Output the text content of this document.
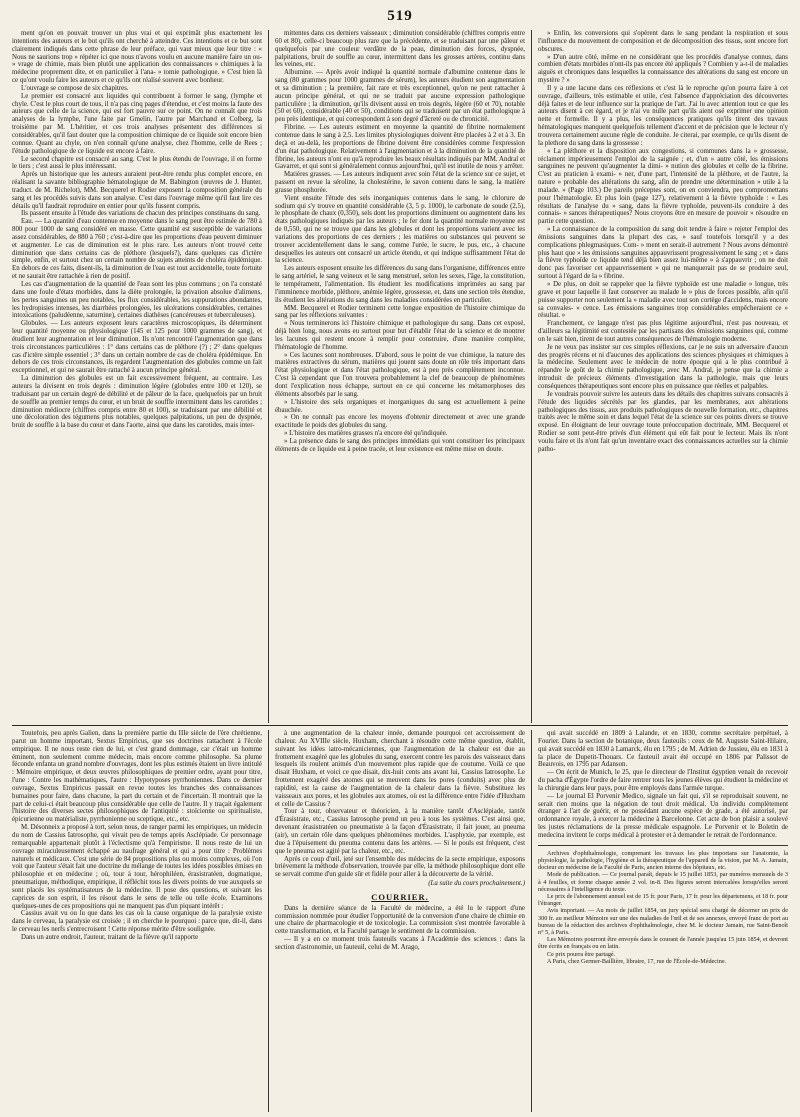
519

ment qu'on en pouvait trouver un plus vrai et qui exprimât plus exactement les intentions des auteurs et le but qu'ils ont cherché à atteindre. Ces intentions et ce but sont clairement indiqués dans cette phrase de leur préface, qui vaut mieux que leur titre : « Nous ne saurions trop » répéter ici que nous n'avons voulu en aucune manière faire un ou- » vrage de chimie, mais bien plutôt une application des connaissances » chimiques à la médecine proprement dite, et en particulier à l'ana- » tomie pathologique. » C'est bien là ce qu'ont voulu faire les auteurs et ce qu'ils ont réalisé souvent avec bonheur.

L'ouvrage se compose de six chapitres.

Le premier est consacré aux liquides qui contribuent à former le sang, (lymphe et chyle. C'est le plus court de tous, il n'a pas cinq pages d'étendue, et c'est moins la faute des auteurs que celle de la science, qui est fort pauvre sur ce point. On ne connaît que trois analyses de la lymphe, l'une faite par Gmelin, l'autre par Marchand et Colberg, la troisième par M. L'héritier, et ces trois analyses présentent des différences si considérables, qu'il faut douter que la composition chimique de ce liquide soit encore bien connue. Quant au chyle, on n'en connaît qu'une analyse, chez l'homme, celle de Rees ; l'étude pathologique de ce liquide est encore à faire.

Le second chapitre est consacré au sang. C'est le plus étendu de l'ouvrage, il en forme le tiers ; c'est aussi le plus intéressant.

Après un historique que les auteurs auraient peut-être rendu plus complet encore, en réalisant la savante bibliographie hématologique de M. Babington (œuvres de J. Hunter, traduct. de M. Richelot), MM. Becquerel et Rodier exposent la composition générale du sang et les procédés suivis dans son analyse. C'est dans l'ouvrage même qu'il faut lire ces détails qu'il faudrait reproduire en entier pour qu'ils fussent compris.

Ils passent ensuite à l'étude des variations de chacun des principes constituans du sang.

Eau. — La quantité d'eau contenue en moyenne dans le sang peut être estimée de 780 à 800 pour 1000 de sang considéré en masse. Cette quantité est susceptible de variations assez considérables, de 880 à 760 ; c'est-à-dire que les proportions d'eau peuvent diminuer et augmenter. Le cas de diminution est le plus rare. Les auteurs n'ont trouvé cette diminution que dans certains cas de pléthore (lesquels?), dans quelques cas d'ictère simple, enfin, et surtout chez un certain nombre de sujets atteints de choléra épidémique. En dehors de ces faits, disent-ils, la diminution de l'eau est tout accidentelle, toute fortuite et ne saurait être rattachée à rien de positif.

Les cas d'augmentation de la quantité de l'eau sont les plus communs ; on l'a constaté dans une foule d'états morbides, dans la diète prolongée, la privation absolue d'alimens, les pertes sanguines un peu notables, les flux considérables, les suppurations abondantes, les hydropisies intenses, les diarrhées prolongées, les ulcérations considérables, certaines intoxications (paludéenne, saturnine), certaines diathèses (cancéreuses et tuberculeuses).

Globules. — Les auteurs exposent leurs caractères microscopiques, ils déterminent leur quantité moyenne ou physiologique (145 et 125 pour 1000 grammes de sang), et étudient leur augmentation et leur diminution. Ils n'ont rencontré l'augmentation que dans trois circonstances particulières : 1° dans certains cas de pléthore (?) ; 2° dans quelques cas d'ictère simple essentiel ; 3° dans un certain nombre de cas de choléra épidémique. En dehors de ces trois circonstances, ils regardent l'augmentation des globules comme un fait exceptionnel, et qui ne saurait être rattaché à aucun principe général.

La diminution des globules est un fait excessivement fréquent, au contraire. Les auteurs la divisent en trois degrés : diminution légère (globules entre 100 et 120), se traduisant par un certain degré de débilité et de pâleur de la face, quelquefois par un bruit de souffle au premier temps du cœur, et un bruit de souffle intermittent dans les carotides ; diminution médiocre (chiffres compris entre 80 et 100), se traduisant par une débilité et une décoloration des tégumens plus notables, quelques palpitations, un peu de dyspnée, bruit de souffle à la base du cœur et dans l'aorte, ainsi que dans les carotides, mais inter-

mittentes dans ces derniers vaisseaux ; diminution considérable (chiffres compris entre 60 et 80), celle-ci beaucoup plus rare que la précédente, et se traduisant par une pâleur et quelquefois par une couleur verdâtre de la peau, diminution des forces, dyspnée, palpitations, bruit de souffle au cœur, intermittent dans les grosses artères, continu dans les veines, etc.

Albumine. — Après avoir indiqué la quantité normale d'albumine contenue dans le sang (80 grammes pour 1000 grammes de sérum), les auteurs étudient son augmentation et sa diminution ; la première, fait rare et très exceptionnel, qu'on ne peut rattacher à aucun principe général, et qui ne se traduit par aucune expression pathologique particulière ; la diminution, qu'ils divisent aussi en trois degrés, légère (60 et 70), notable (50 et 60), considérable (40 et 50), conditions qui se traduisent par un état pathologique à peu près identique, et qui correspondent à son degré d'âcreté ou de chronicité.

Fibrine. — Les auteurs estiment en moyenne la quantité de fibrine normalement contenue dans le sang à 2,5. Les limites physiologiques doivent être placées à 2 et à 3. En deçà et au-delà, les proportions de fibrine doivent être considérées comme l'expression d'un état pathologique. Relativement à l'augmentation et à la diminution de la quantité de fibrine, les auteurs n'ont eu qu'à reproduire les beaux résultats indiqués par MM. Andral et Gavarret, et qui sont si généralement connus aujourd'hui, qu'il est inutile de nous y arrêter.

Matières grasses. — Les auteurs indiquent avec soin l'état de la science sur ce sujet, et passent en revue la séroline, la cholestérine, le savon contenu dans le sang, la matière grasse phosphorée.

Vient ensuite l'étude des sels inorganiques contenus dans le sang, le chlorure de sodium qui s'y trouve en quantité considérable (3, 5 p. 1000), le carbonate de soude (2,5), le phosphate de chaux (0,350), sels dont les proportions diminuent ou augmentent dans les états pathologiques indiqués par les auteurs ; le fer dont la quantité normale moyenne est de 0,550, qui ne se trouve que dans les globules et dont les proportions varient avec les variations des proportions de ces derniers ; les matières ou substances qui peuvent se trouver accidentellement dans le sang, comme l'urée, le sucre, le pus, etc., à chacune desquelles les auteurs ont consacré un article étendu, et qui indique suffisamment l'état de la science.

Les auteurs exposent ensuite les différences du sang dans l'organisme, différences entre le sang artériel, le sang veineux et le sang menstruel, selon les sexes, l'âge, la constitution, le tempérament, l'alimentation. Ils étudient les modifications imprimées au sang par l'imminence morbide, pléthore, anémie légère, grossesse, et, dans une section très étendue, ils étudient les altérations du sang dans les maladies considérées en particulier.

MM. Becquerel et Rodier terminent cette longue exposition de l'histoire chimique du sang par les réflexions suivantes :

« Nous terminerons ici l'histoire chimique et pathologique du sang. Dans cet exposé, déjà bien long, nous avons eu surtout pour but d'établir l'état de la science et de montrer les lacunes qui restent encore à remplir pour construire, d'une manière complète, l'hématologie de l'homme.

» Ces lacunes sont nombreuses. D'abord, sous le point de vue chimique, la nature des matières extractives du sérum, matières qui jouent sans doute un rôle très important dans l'état physiologique et dans l'état pathologique, est à peu près complètement inconnue. C'est là cependant que l'on trouvera probablement la clef de beaucoup de phénomènes dont l'explication nous échappe, surtout en ce qui concerne les métamorphoses des éléments absorbés par le sang.

» L'histoire des sels organiques et inorganiques du sang est actuellement à peine ébauchée.

» On ne connaît pas encore les moyens d'obtenir directement et avec une grande exactitude le poids des globules du sang.

» L'histoire des matières grasses n'a encore été qu'indiquée.

» La présence dans le sang des principes immédiats qui vont constituer les principaux éléments de ce liquide est à peine tracée, et leur existence est même mise en doute.

» Enfin, les conversions qui s'opèrent dans le sang pendant la respiration et sous l'influence du mouvement de composition et de décomposition des tissus, sont encore fort obscures.

» D'un autre côté, même en ne considérant que les procédés d'analyse connus, dans combien d'états morbides n'ont-ils pas encore été appliqués ? Combien y a-t-il de maladies aiguës et chroniques dans lesquelles la connaissance des altérations du sang est encore un mystère ? »

Il y a une lacune dans ces réflexions et c'est là le reproche qu'on pourra faire à cet ouvrage, d'ailleurs, très estimable et utile, c'est l'absence d'appréciation des découvertes déjà faites et de leur influence sur la pratique de l'art. J'ai lu avec attention tout ce que les auteurs disent à cet égard, et je n'ai vu nulle part qu'ils aient osé exprimer une opinion nette et formelle. Il y a plus, les conséquences pratiques qu'ils tirent des travaux hématologiques manquent quelquefois tellement d'accent et de précision que le lecteur n'y trouvera certainement aucune règle de conduite. Je citerai, par exemple, ce qu'ils disent de la plethore du sang dans la grossesse :

« La pléthore et la disposition aux congestions, si communes dans la » grossesse, réclament impérieusement l'emploi de la saignée ; et, d'un » autre côté, les émissions sanguines ne peuvent qu'augmenter la dimi- » nution des globules et celle de la fibrine. C'est au praticien à exami- » ner, d'une part, l'intensité de la pléthore, et de l'autre, la nature » probable des altérations du sang, afin de prendre une détermination » utile à la malade. » (Page 103.) De pareils préceptes sont, on en conviendra, peu compromettans pour l'hématologie. Et plus loin (page 127), relativement à la fièvre typhoïde : « Les résultats de l'analyse du » sang, dans la fièvre typhoïde, peuvent-ils conduire à des connais- » sances thérapeutiques? Nous croyons être en mesure de pouvoir » résoudre en partie cette question.

» La connaissance de la composition du sang doit tendre à faire » rejeter l'emploi des émissions sanguines dans la plupart des cas, » sauf toutefois lorsqu'il y a des complications phlegmasiques. Com- » ment en serait-il autrement ? Nous avons démontré plus haut que » les émissions sanguines appauvrissent progressivement le sang ; et » dans la fièvre typhoïde ce liquide tend déjà bien assez lui-même » à s'appauvrir ; on ne doit donc pas favoriser cet appauvrissement » qui ne manquerait pas de se produire seul, surtout à l'égard de la » fibrine.

» De plus, on doit se rappeler que la fièvre typhoïde est une maladie » longue, très grave et pour laquelle il faut conserver au malade le » plus de forces possible, afin qu'il puisse supporter non seulement la » maladie avec tout son cortège d'accidens, mais encore sa convales- » cence. Les émissions sanguines trop considérables empêcheraient ce » résultat. »

Franchement, ce langage n'est pas plus légitime aujourd'hui, n'est pas nouveau, et d'ailleurs sa légitimité est contestée par les partisans des émissions sanguines qui, comme on le sait bien, tirent de tout autres conséquences de l'hématologie moderne.

Je ne veux pas insister sur ces simples réflexions, car je ne suis un adversaire d'aucun des progrès récens et ni d'aucunes des applications des sciences physiques et chimiques à la médecine. Seulement avec le médecin de notre époque qui a le plus contribué à répandre le goût de la chimie pathologique, avec M. Andral, je pense que la chimie a introduit de précieux éléments d'investigation dans la pathologie, mais que leurs conséquences thérapeutiques sont encore plus en puissance que réelles et palpables.

Je voudrais pouvoir suivre les auteurs dans les détails des chapitres suivans consacrés à l'étude des liquides sécrétés par les glandes, par les membranes, aux altérations pathologiques des tissus, aux produits pathologiques de nouvelle formation, etc., chapitres traités avec le même soin et dans lequel l'état de la science sur ces points divers se trouve exposé. En éloignant de leur ouvrage toute préoccupation doctrinale, MM. Becquerel et Rodier se sont peut-être privés d'un élément qui eût fait pour le lecteur. Mais ils n'ont voulu faire et ils n'ont fait qu'un inventaire exact des connaissances actuelles sur la chimie patho-

Toutefois, peu après Galien, dans la première partie du IIIe siècle de l'ère chrétienne, parut un homme important, Sextus Empiricus, que ses doctrines rattachent à l'école empirique. Il ne nous reste rien de lui, et c'est grand dommage, car c'était un homme éminent, non seulement comme médecin, mais encore comme philosophe. Sa plume féconde enfanta un grand nombre d'ouvrages, dont les plus estimés étaient un livre intitulé : Mémoire empirique, et deux œuvres philosophiques de premier ordre, ayant pour titre, l'une : Contre les mathématiques, l'autre : Hypotyposes pyrrhoniennes. Dans ce dernier ouvrage, Sextus Empiricus passait en revue toutes les branches des connaissances humaines pour faire, dans chacune, la part du certain et de l'incertain. Il montrait que la part de celui-ci était beaucoup plus considérable que celle de l'autre. Il y traçait également l'histoire des diverses sectes philosophiques de l'antiquité : stoïcienne ou spiritualiste, épicurienne ou matérialiste, pyrrhonienne ou sceptique, etc., etc.

M. Désonneix a proposé à tort, selon nous, de ranger parmi les empiriques, un médecin du nom de Cassius Iatrosophe, qui vivait peu de temps après Asclépiade. Ce personnage remarquable appartenait plutôt à l'éclectisme qu'à l'empirisme. Il nous reste de lui un ouvrage miraculeusement échappé au naufrage général et qui a pour titre : Problèmes naturels et médicaux. C'est une série de 84 propositions plus ou moins complexes, où l'on voit que l'auteur s'était fait une doctrine du mélange de toutes les idées possibles émises en philosophie et en médecine ; où, tour à tour, hérophiléen, érasistratéen, dogmatique, pneumatique, méthodique, empirique, il réfléchit tous les divers points de vue auxquels se sont placés les systématisateurs de la médecine. Il pose des questions, et suivant les caprices de son esprit, il les résout dans le sens de telle ou telle école. Examinons quelques-unes de ces propositions qui ne manquent pas d'un piquant intérêt :

Cassius avait vu ou lu que dans les cas où la cause organique de la paralysie existe dans le cerveau, la paralysie est croisée ; il en cherche le pourquoi : parce que, dit-il, dans le cerveau les nerfs s'entrecroisent ! Cette réponse mérite d'être soulignée.

Dans un autre endroit, l'auteur, traitant de la fièvre qu'il rapporte

à une augmentation de la chaleur innée, demande pourquoi cet accroissement de chaleur. Au XVIIIe siècle, Huxham, cherchant à résoudre cette même question, établit, suivant les idées iatro-mécaniciennes, que l'augmentation de la chaleur est due au frottement exagéré que les globules du sang, exercent contre les parois des vaisseaux dans lesquels ils roulent animés d'un mouvement plus rapide que de coutume. Voilà ce que disait Huxham, et voici ce que disait, dix-huit cents ans avant lui, Cassius Iatrosophe. Le frottement exagéré des atomes qui se meuvent dans les pores (conduits) avec plus de rapidité, est la cause de l'augmentation de la chaleur dans la fièvre. Substituez les vaisseaux aux pores, et les globules aux atomes, où est la différence entre l'idée d'Huxham et celle de Cassius ?

Tour à tour, observateur et théoricien, à la manière tantôt d'Asclépiade, tantôt d'Érasistrate, etc., Cassius Iatrosophe prend un peu à tous les systèmes. C'est ainsi que, devenant érasistratéen ou pneumatiste à la façon d'Érasistrate, il fait jouer, au pneuma (air), un certain rôle dans quelques phénomènes morbides. L'asphyxie, par exemple, est due à l'épuisement du pneuma contenu dans les artères. — Si le pouls est fréquent, c'est que le pneuma est agité par la chaleur, etc., etc.

Après ce coup d'œil, jeté sur l'ensemble des médecins de la secte empirique, exposons brièvement la méthode d'observation, trouvée par elle, la méthode philosophique dont elle se servait comme d'un guide sûr et fidèle pour aller à la découverte de la vérité.

(La suite du cours prochainement.)
COURRIER.

Dans la dernière séance de la Faculté de médecine, a été lu le rapport d'une commission nommée pour étudier l'opportunité de la conversion d'une chaire de chimie en une chaire de pharmacologie et de toxicologie. La commission s'est montrée favorable à cette transformation, et la Faculté partage le sentiment de la commission.

— Il y a en ce moment trois fauteuils vacans à l'Académie des sciences : dans la section d'astronomie, un fauteuil, celui de M. Arago,

qui avait succédé en 1809 à Lalande, et en 1830, comme secrétaire perpétuel, à Fourier. Dans la section de botanique, deux fauteuils : ceux de M. Auguste Saint-Hilaire, qui avait succédé en 1830 à Lamarck, élu en 1795 ; de M. Adrien de Jussieu, élu en 1831 à la place de Dupetit-Thouars. Ce fauteuil avait été occupé en 1806 par Palissot de Beauvois, en 1795 par Adanson.

— On écrit de Munich, le 25, que le directeur de l'Institut égyptien venait de recevoir du pacha d'Égypte l'ordre de faire rentrer tous les jeunes élèves qui étudient la médecine et la chirurgie dans leur pays, pour être employés dans l'armée turque.

— Le journal El Porvenir Medico, signale un fait qui, s'il se reproduisait souvent, ne serait rien moins que la négation de tout droit médical. Un individu complètement étranger à l'art de guérir, et ne possédant aucune espèce de grade, a été autorisé, par ordonnance royale, à exercer la médecine à Barcelonne. Cet acte de bon plaisir a soulevé les justes réclamations de la presse médicale espagnole. Le Porvenir et le Boletin de medecina invitent le corps médical à protester et à demander le retrait de l'ordonnance.

Archives d'ophthalmologie, comprenant les travaux les plus importans sur l'anatomie, la physiologie, la pathologie, l'hygiène et la thérapeutique de l'appareil de la vision, par M. A. Jamain, docteur en médecine de la Faculté de Paris, ancien interne des hôpitaux, etc.

Mode de publication. — Ce journal paraît, depuis le 15 juillet 1853, par numéros mensuels de 3 à 4 feuilles, et forme chaque année 2 vol. in-8. Des figures seront intercalées lorsqu'elles seront nécessaires à l'intelligence du texte.

Le prix de l'abonnement annuel est de 15 fr. pour Paris, 17 fr. pour les départemens, et 18 fr. pour l'étranger.

Avis important. — Au mois de juillet 1854, un jury spécial sera chargé de décerner un prix de 300 fr. au meilleur Mémoire sur une des maladies de l'œil et de ses annexes, envoyé franc de port au bureau de la rédaction des archives d'ophthalmologie, chez M. le docteur Jamain, rue Saint-Benoît n° 5, à Paris.

Les Mémoires pourront être envoyés dans le courant de l'année jusqu'au 15 juin 1854, et devront être écrits en français ou en latin.

Ce prix pourra être partagé.

A Paris, chez Germer-Baillière, libraire, 17, rue de l'École-de-Médecine.
